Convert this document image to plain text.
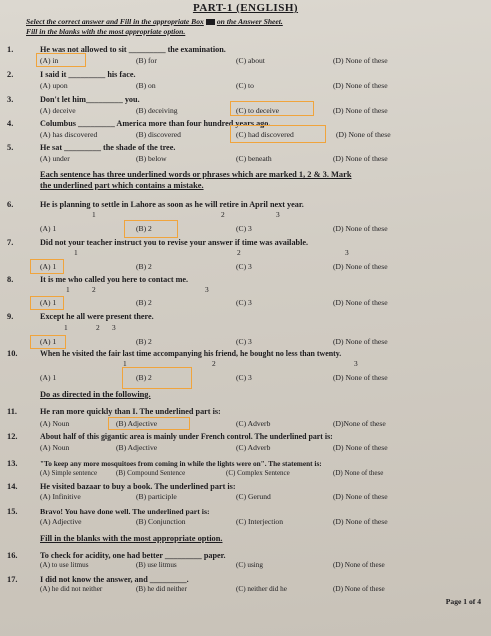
PART-1 (ENGLISH)
Select the correct answer and Fill in the appropriate Box on the Answer Sheet.
Fill in the blanks with the most appropriate option.
1.	He was not allowed to sit _________ the examination.
(A) in	(B) for	(C) about	(D) None of these
2.	I said it _________ his face.
(A) upon	(B) on	(C) to	(D) None of these
3.	Don't let him_________ you.
(A) deceive	(B) deceiving	(C) to deceive	(D) None of these
4.	Columbus _________ America more than four hundred years ago.
(A) has discovered	(B) discovered	(C) had discovered	(D) None of these
5.	He sat _________ the shade of the tree.
(A) under	(B) below	(C) beneath	(D) None of these
Each sentence has three underlined words or phrases which are marked 1, 2 & 3. Mark
the underlined part which contains a mistake.
6.	He is planning to settle in Lahore as soon as he will retire in April next year.
1	2	3
(A) 1	(B) 2	(C) 3	(D) None of these
7.	Did not your teacher instruct you to revise your answer if time was available.
1	2	3
(A) 1	(B) 2	(C) 3	(D) None of these
8.	It is me who called you here to contact me.
1	2	3
(A) 1	(B) 2	(C) 3	(D) None of these
9.	Except he all were present there.
1	2 3
(A) 1	(B) 2	(C) 3	(D) None of these
10.	When he visited the fair last time accompanying his friend, he bought no less than twenty.
1	2	3
(A) 1	(B) 2	(C) 3	(D) None of these
Do as directed in the following.
11.	He ran more quickly than I. The underlined part is:
(A) Noun	(B) Adjective	(C) Adverb	(D)None of these
12.	About half of this gigantic area is mainly under French control. The underlined part is:
(A) Noun	(B) Adjective	(C) Adverb	(D) None of these
13.	"To keep any more mosquitoes from coming in while the lights were on". The statement is:
(A) Simple sentence	(B) Compound Sentence	(C) Complex Sentence	(D) None of these
14.	He visited bazaar to buy a book. The underlined part is:
(A) Infinitive	(B) participle	(C) Gerund	(D) None of these
15.	Bravo! You have done well. The underlined part is:
(A) Adjective	(B) Conjunction	(C) Interjection	(D) None of these
Fill in the blanks with the most appropriate option.
16.	To check for acidity, one had better _________ paper.
(A) to use litmus	(B) use litmus	(C) using	(D) None of these
17.	I did not know the answer, and _________.
(A) he did not neither	(B) he did neither	(C) neither did he	(D) None of these
Page 1 of 4
